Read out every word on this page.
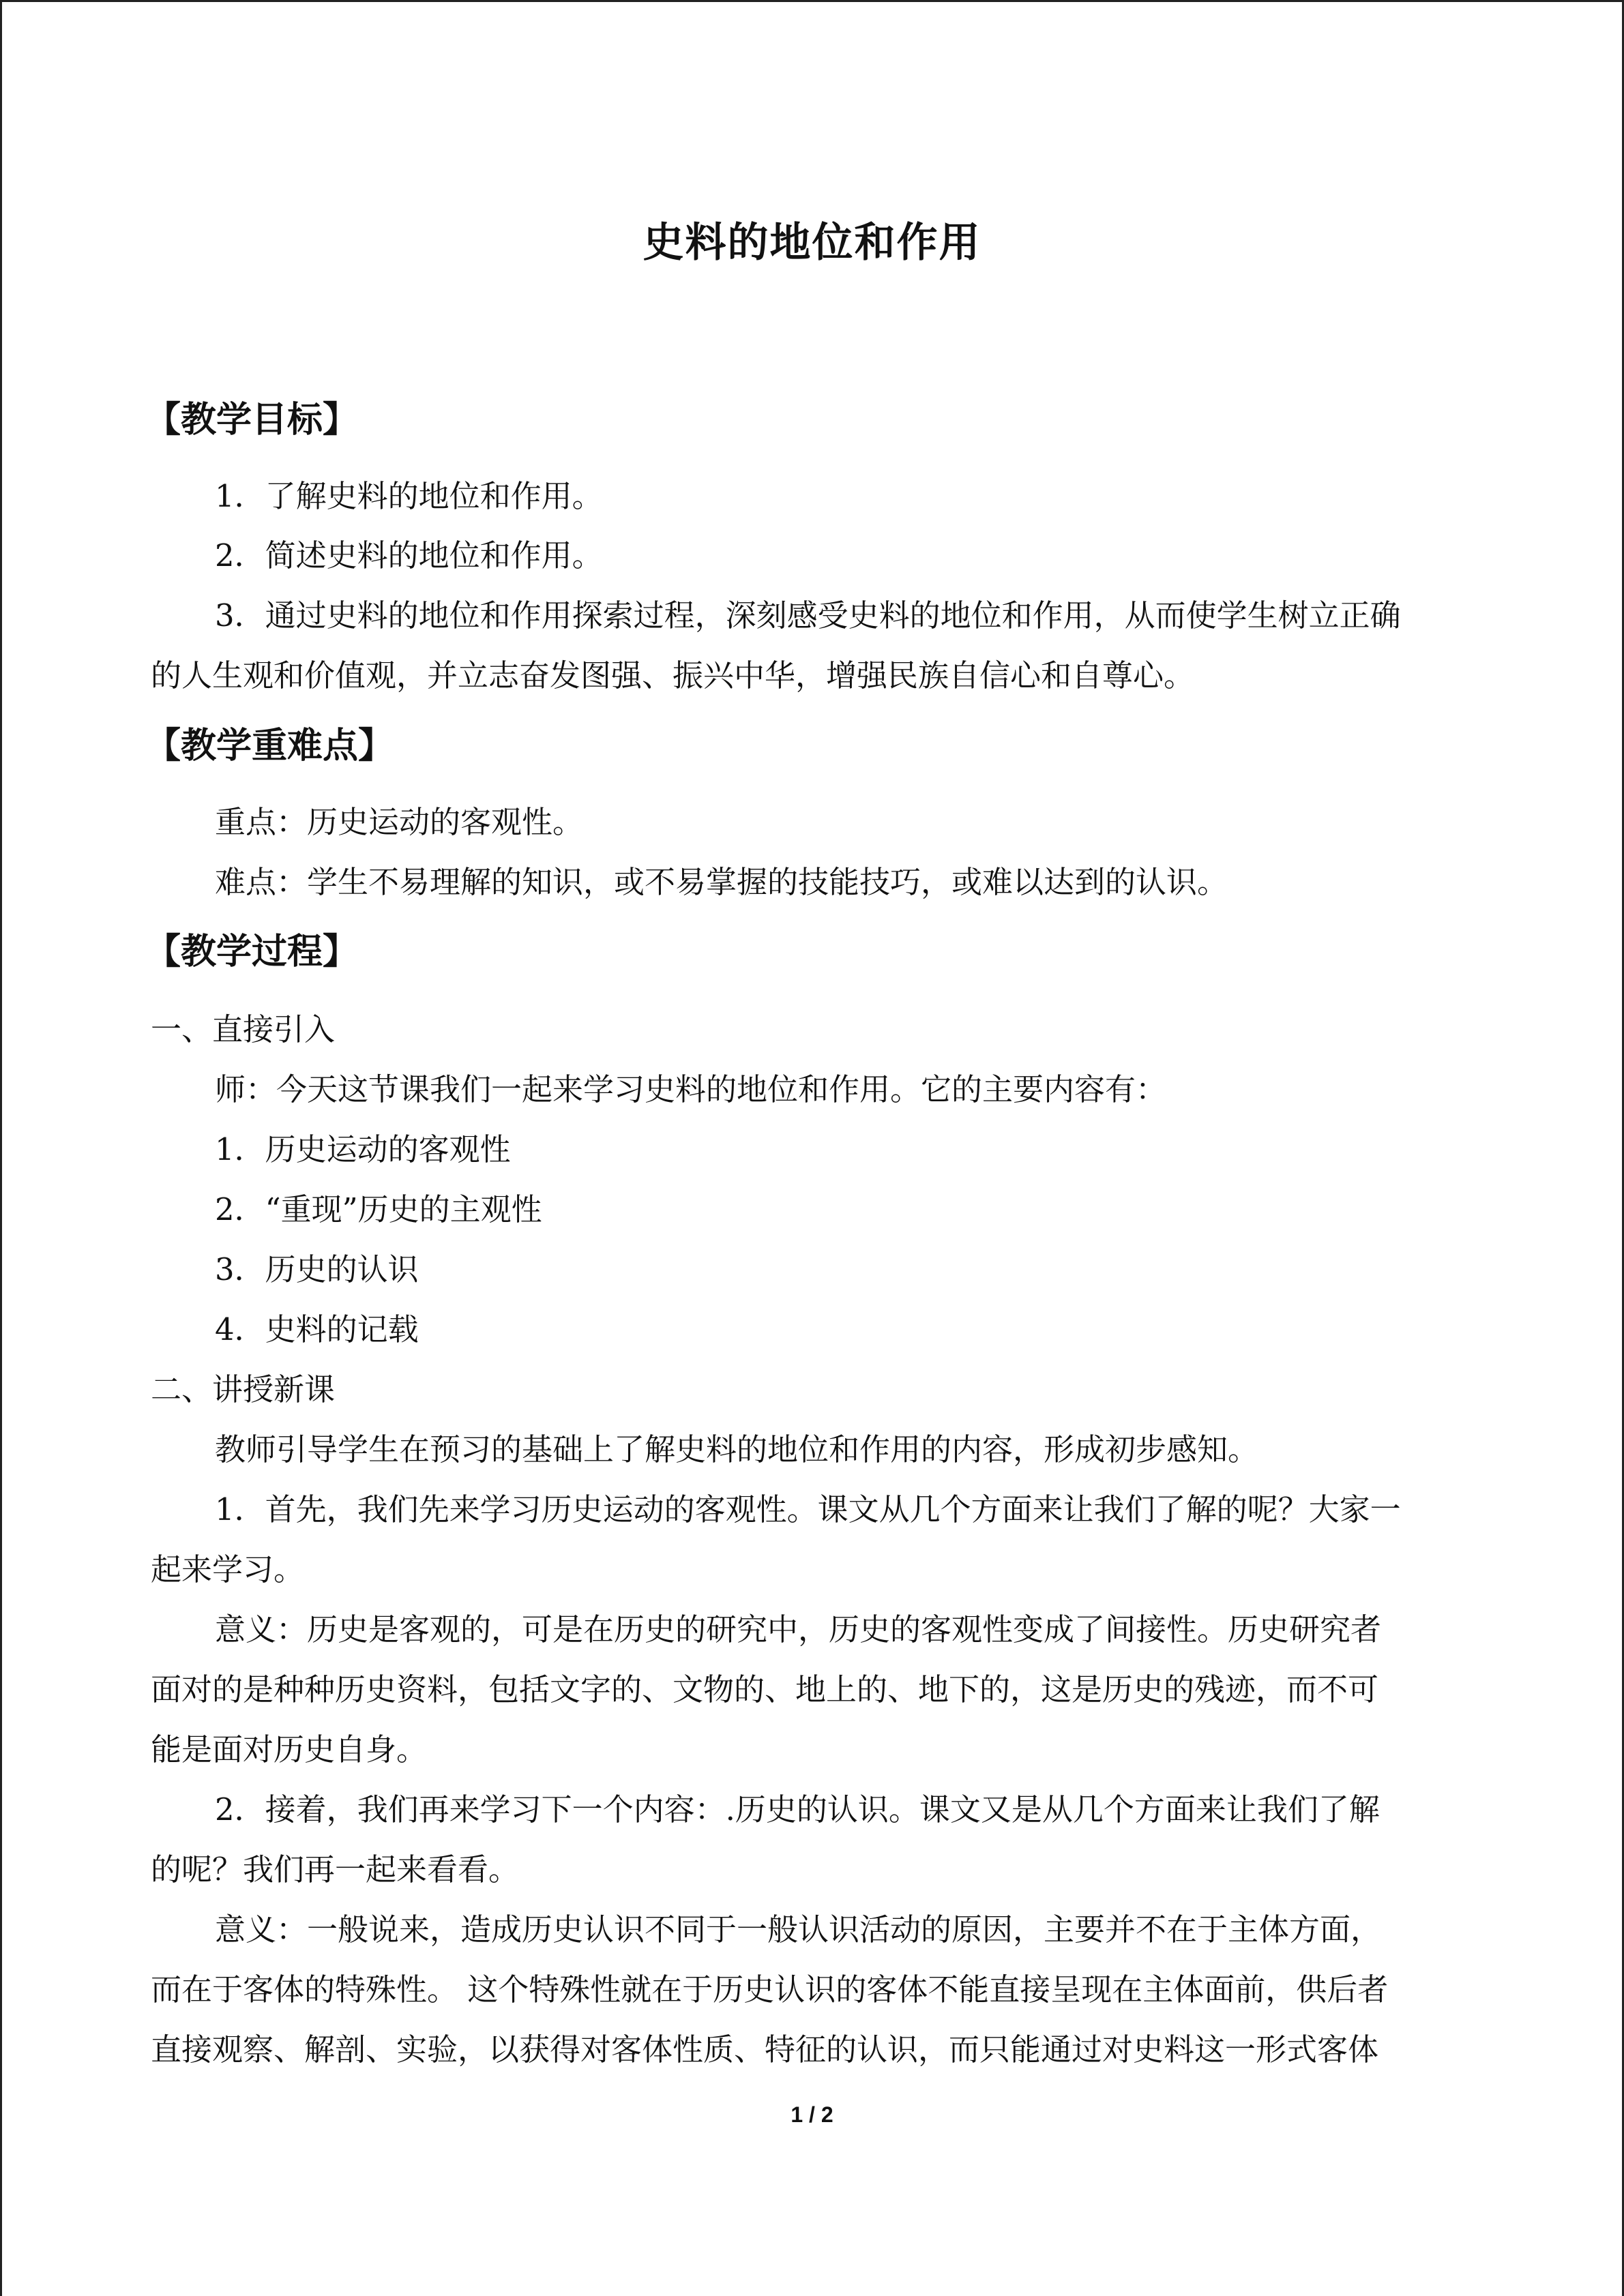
史料的地位和作用
【教学目标】
1．了解史料的地位和作用。
2．简述史料的地位和作用。
3．通过史料的地位和作用探索过程，深刻感受史料的地位和作用，从而使学生树立正确
的人生观和价值观，并立志奋发图强、振兴中华，增强民族自信心和自尊心。
【教学重难点】
重点：历史运动的客观性。
难点：学生不易理解的知识，或不易掌握的技能技巧，或难以达到的认识。
【教学过程】
一、直接引入
师：今天这节课我们一起来学习史料的地位和作用。它的主要内容有：
1．历史运动的客观性
2．“重现”历史的主观性
3．历史的认识
4．史料的记载
二、讲授新课
教师引导学生在预习的基础上了解史料的地位和作用的内容，形成初步感知。
1．首先，我们先来学习历史运动的客观性。课文从几个方面来让我们了解的呢？大家一
起来学习。
意义：历史是客观的，可是在历史的研究中，历史的客观性变成了间接性。历史研究者
面对的是种种历史资料，包括文字的、文物的、地上的、地下的，这是历史的残迹，而不可
能是面对历史自身。
2．接着，我们再来学习下一个内容：.历史的认识。课文又是从几个方面来让我们了解
的呢？我们再一起来看看。
意义：一般说来，造成历史认识不同于一般认识活动的原因，主要并不在于主体方面，
而在于客体的特殊性。 这个特殊性就在于历史认识的客体不能直接呈现在主体面前，供后者
直接观察、解剖、实验，以获得对客体性质、特征的认识，而只能通过对史料这一形式客体
1 / 2
